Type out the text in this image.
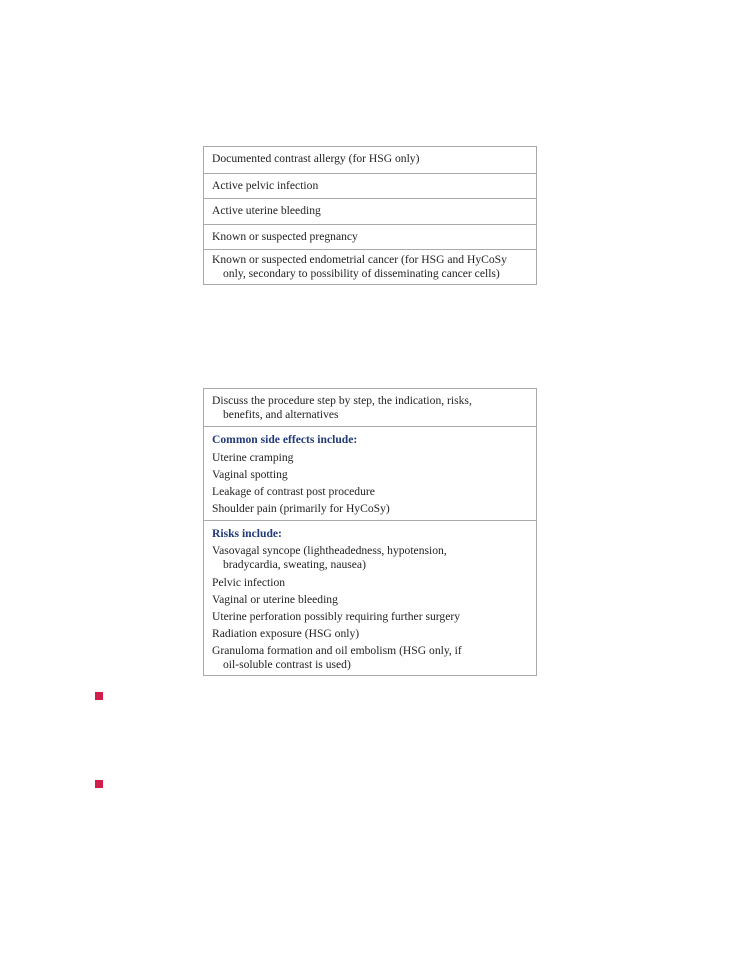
Documented contrast allergy (for HSG only)
Active pelvic infection
Active uterine bleeding
Known or suspected pregnancy
Known or suspected endometrial cancer (for HSG and HyCoSy
only, secondary to possibility of disseminating cancer cells)
Discuss the procedure step by step, the indication, risks,
benefits, and alternatives
Common side effects include:
Uterine cramping
Vaginal spotting
Leakage of contrast post procedure
Shoulder pain (primarily for HyCoSy)
Risks include:
Vasovagal syncope (lightheadedness, hypotension,
bradycardia, sweating, nausea)
Pelvic infection
Vaginal or uterine bleeding
Uterine perforation possibly requiring further surgery
Radiation exposure (HSG only)
Granuloma formation and oil embolism (HSG only, if
oil-soluble contrast is used)
